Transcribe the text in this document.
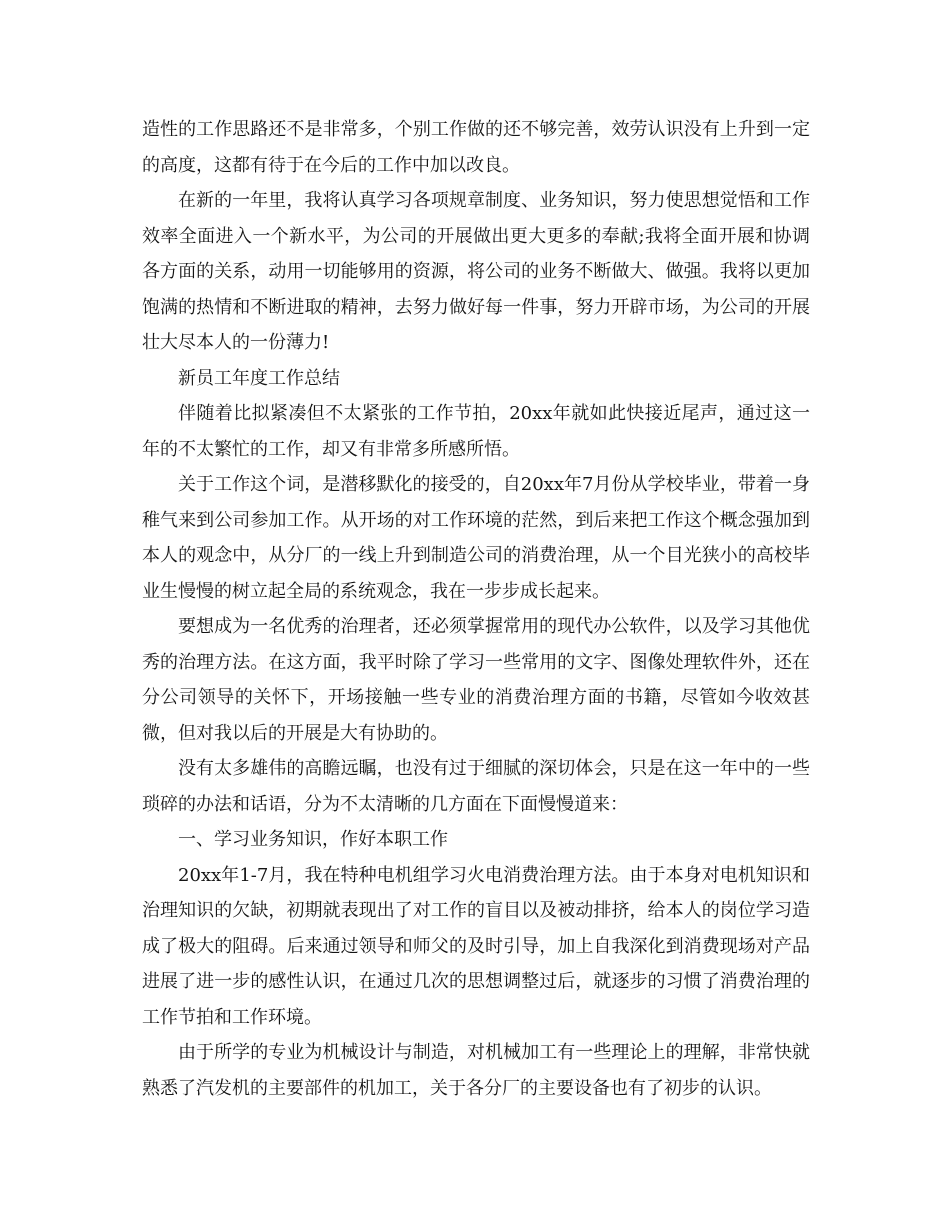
造性的工作思路还不是非常多，个别工作做的还不够完善，效劳认识没有上升到一定的高度，这都有待于在今后的工作中加以改良。

在新的一年里，我将认真学习各项规章制度、业务知识，努力使思想觉悟和工作效率全面进入一个新水平，为公司的开展做出更大更多的奉献;我将全面开展和协调各方面的关系，动用一切能够用的资源，将公司的业务不断做大、做强。我将以更加饱满的热情和不断进取的精神，去努力做好每一件事，努力开辟市场，为公司的开展壮大尽本人的一份薄力!

新员工年度工作总结

伴随着比拟紧凑但不太紧张的工作节拍，20xx年就如此快接近尾声，通过这一年的不太繁忙的工作，却又有非常多所感所悟。

关于工作这个词，是潜移默化的接受的，自20xx年7月份从学校毕业，带着一身稚气来到公司参加工作。从开场的对工作环境的茫然，到后来把工作这个概念强加到本人的观念中，从分厂的一线上升到制造公司的消费治理，从一个目光狭小的高校毕业生慢慢的树立起全局的系统观念，我在一步步成长起来。

要想成为一名优秀的治理者，还必须掌握常用的现代办公软件，以及学习其他优秀的治理方法。在这方面，我平时除了学习一些常用的文字、图像处理软件外，还在分公司领导的关怀下，开场接触一些专业的消费治理方面的书籍，尽管如今收效甚微，但对我以后的开展是大有协助的。

没有太多雄伟的高瞻远瞩，也没有过于细腻的深切体会，只是在这一年中的一些琐碎的办法和话语，分为不太清晰的几方面在下面慢慢道来：

一、学习业务知识，作好本职工作

20xx年1-7月，我在特种电机组学习火电消费治理方法。由于本身对电机知识和治理知识的欠缺，初期就表现出了对工作的盲目以及被动排挤，给本人的岗位学习造成了极大的阻碍。后来通过领导和师父的及时引导，加上自我深化到消费现场对产品进展了进一步的感性认识，在通过几次的思想调整过后，就逐步的习惯了消费治理的工作节拍和工作环境。

由于所学的专业为机械设计与制造，对机械加工有一些理论上的理解，非常快就熟悉了汽发机的主要部件的机加工，关于各分厂的主要设备也有了初步的认识。
